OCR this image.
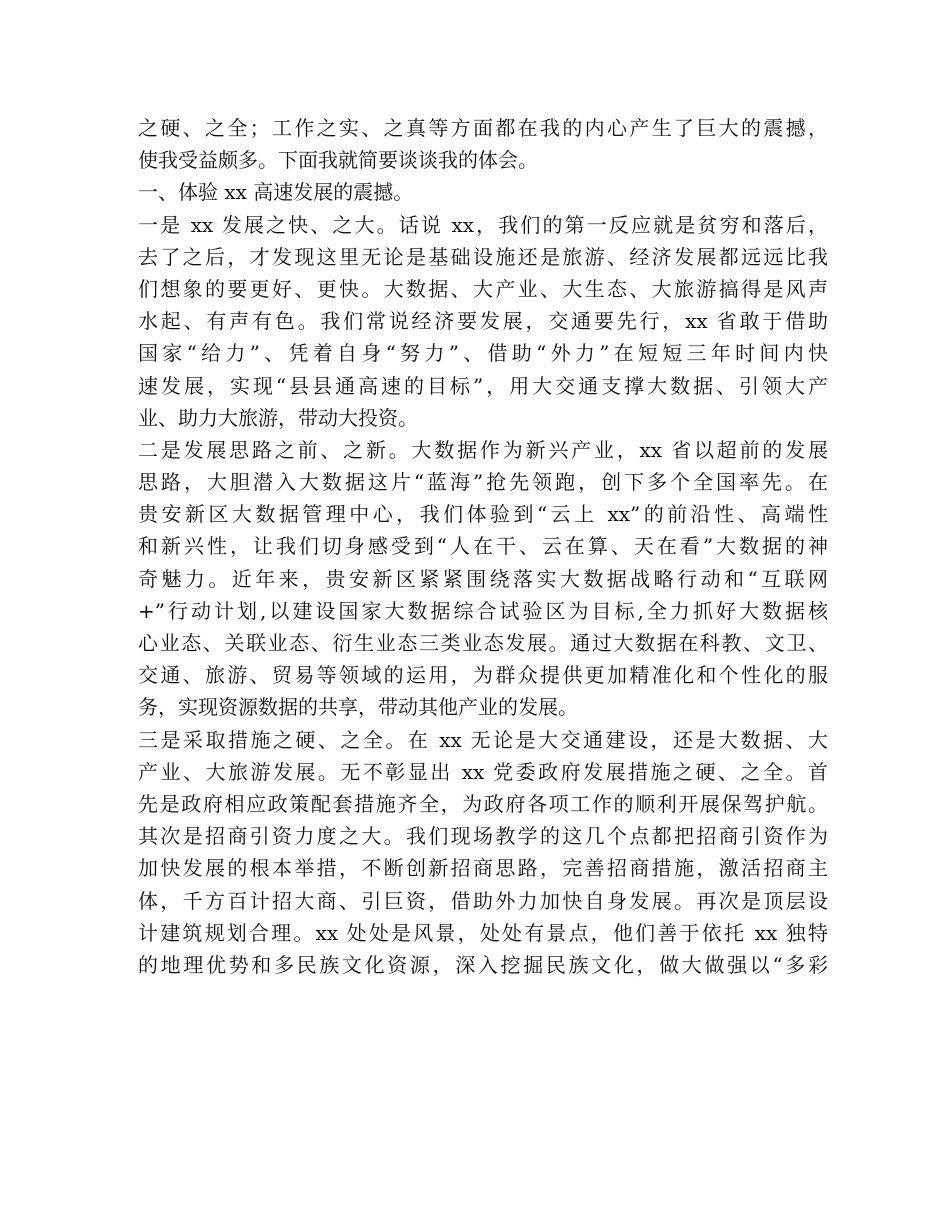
之硬、之全；工作之实、之真等方面都在我的内心产生了巨大的震撼，
使我受益颇多。下面我就简要谈谈我的体会。
一、体验 xx 高速发展的震撼。
一是 xx 发展之快、之大。话说 xx，我们的第一反应就是贫穷和落后，
去了之后，才发现这里无论是基础设施还是旅游、经济发展都远远比我
们想象的要更好、更快。大数据、大产业、大生态、大旅游搞得是风声
水起、有声有色。我们常说经济要发展，交通要先行，xx 省敢于借助
国家“给力”、凭着自身“努力”、借助“外力”在短短三年时间内快
速发展，实现“县县通高速的目标”，用大交通支撑大数据、引领大产
业、助力大旅游，带动大投资。
二是发展思路之前、之新。大数据作为新兴产业，xx 省以超前的发展
思路，大胆潜入大数据这片“蓝海”抢先领跑，创下多个全国率先。在
贵安新区大数据管理中心，我们体验到“云上 xx”的前沿性、高端性
和新兴性，让我们切身感受到“人在干、云在算、天在看”大数据的神
奇魅力。近年来，贵安新区紧紧围绕落实大数据战略行动和“互联网
+”行动计划,以建设国家大数据综合试验区为目标,全力抓好大数据核
心业态、关联业态、衍生业态三类业态发展。通过大数据在科教、文卫、
交通、旅游、贸易等领域的运用，为群众提供更加精准化和个性化的服
务，实现资源数据的共享，带动其他产业的发展。
三是采取措施之硬、之全。在 xx 无论是大交通建设，还是大数据、大
产业、大旅游发展。无不彰显出 xx 党委政府发展措施之硬、之全。首
先是政府相应政策配套措施齐全，为政府各项工作的顺利开展保驾护航。
其次是招商引资力度之大。我们现场教学的这几个点都把招商引资作为
加快发展的根本举措，不断创新招商思路，完善招商措施，激活招商主
体，千方百计招大商、引巨资，借助外力加快自身发展。再次是顶层设
计建筑规划合理。xx 处处是风景，处处有景点，他们善于依托 xx 独特
的地理优势和多民族文化资源，深入挖掘民族文化，做大做强以“多彩
